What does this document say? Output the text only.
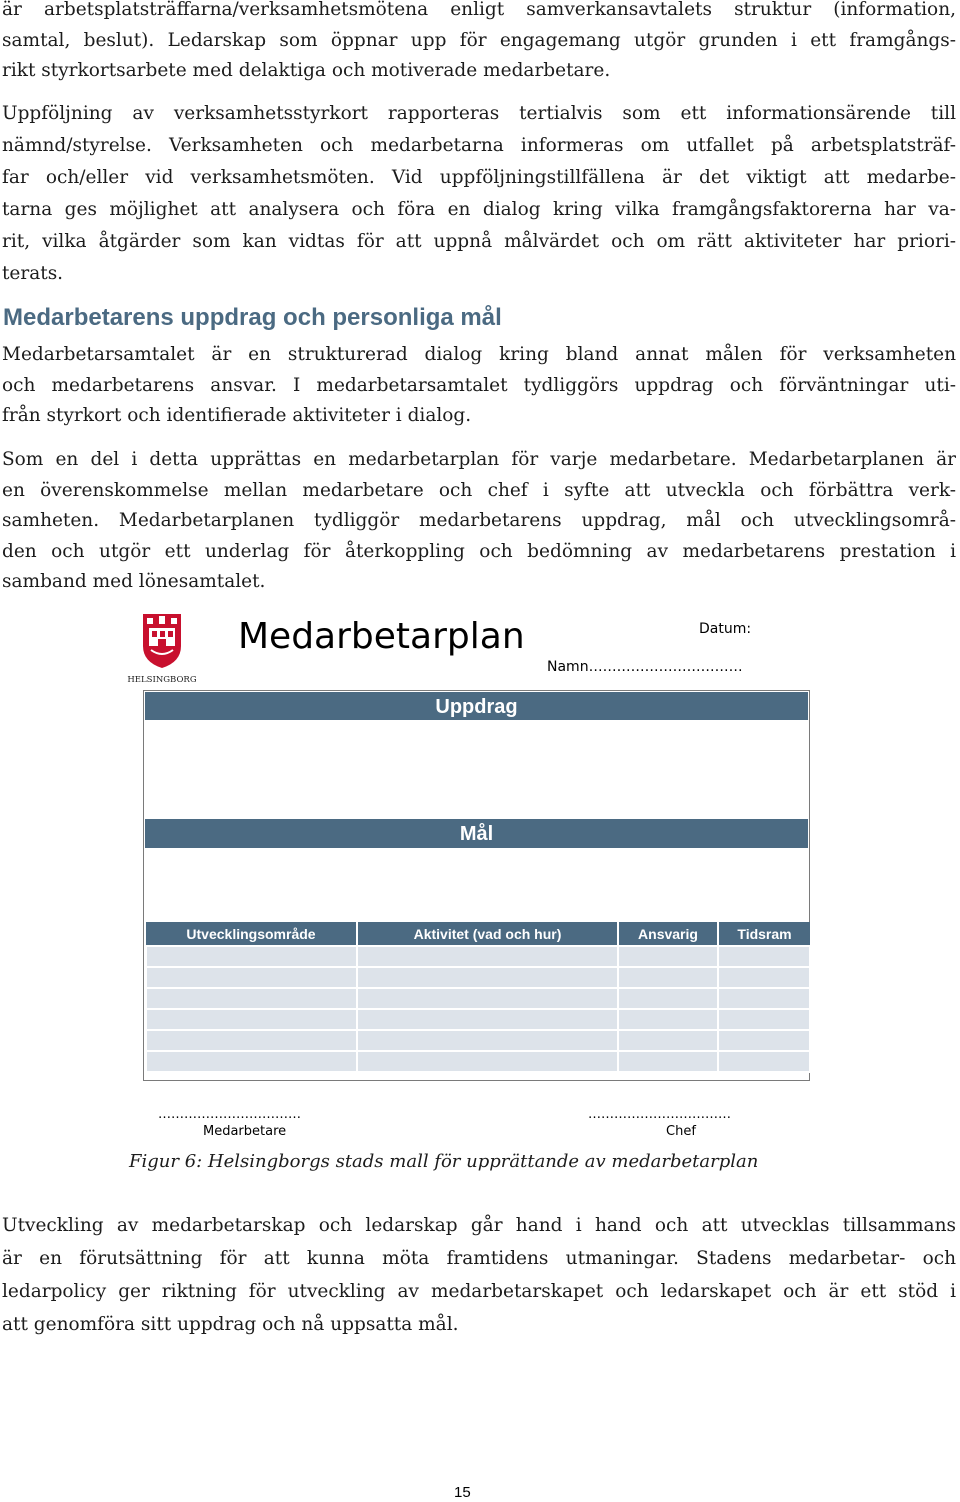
är arbetsplatsträffarna/verksamhetsmötena enligt samverkansavtalets struktur (information,
samtal, beslut). Ledarskap som öppnar upp för engagemang utgör grunden i ett framgångs-
rikt styrkortsarbete med delaktiga och motiverade medarbetare.

Uppföljning av verksamhetsstyrkort rapporteras tertialvis som ett informationsärende till
nämnd/styrelse. Verksamheten och medarbetarna informeras om utfallet på arbetsplatsträf-
far och/eller vid verksamhetsmöten. Vid uppföljningstillfällena är det viktigt att medarbe-
tarna ges möjlighet att analysera och föra en dialog kring vilka framgångsfaktorerna har va-
rit, vilka åtgärder som kan vidtas för att uppnå målvärdet och om rätt aktiviteter har priori-
terats.

Medarbetarens uppdrag och personliga mål

Medarbetarsamtalet är en strukturerad dialog kring bland annat målen för verksamheten
och medarbetarens ansvar. I medarbetarsamtalet tydliggörs uppdrag och förväntningar uti-
från styrkort och identifierade aktiviteter i dialog.

Som en del i detta upprättas en medarbetarplan för varje medarbetare. Medarbetarplanen är
en överenskommelse mellan medarbetare och chef i syfte att utveckla och förbättra verk-
samheten. Medarbetarplanen tydliggör medarbetarens uppdrag, mål och utvecklingsområ-
den och utgör ett underlag för återkoppling och bedömning av medarbetarens prestation i
samband med lönesamtalet.

HELSINGBORG
Medarbetarplan	Datum:
Namn……………………………
Uppdrag
Mål
Utvecklingsområde	Aktivitet (vad och hur)	Ansvarig	Tidsram

……………………………
Medarbetare
……………………………
Chef

Figur 6: Helsingborgs stads mall för upprättande av medarbetarplan

Utveckling av medarbetarskap och ledarskap går hand i hand och att utvecklas tillsammans
är en förutsättning för att kunna möta framtidens utmaningar. Stadens medarbetar- och
ledarpolicy ger riktning för utveckling av medarbetarskapet och ledarskapet och är ett stöd i
att genomföra sitt uppdrag och nå uppsatta mål.

15
